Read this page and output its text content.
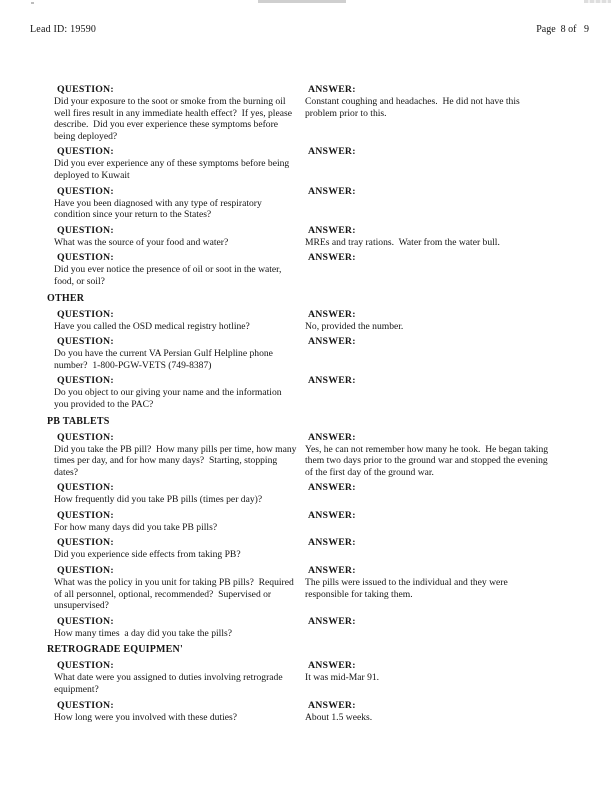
Lead ID: 19590	Page  8 of   9
QUESTION:
Did your exposure to the soot or smoke from the burning oil well fires result in any immediate health effect?  If yes, please describe.  Did you ever experience these symptoms before being deployed?
ANSWER:
Constant coughing and headaches.  He did not have this problem prior to this.
QUESTION:
Did you ever experience any of these symptoms before being deployed to Kuwait
ANSWER:
QUESTION:
Have you been diagnosed with any type of respiratory condition since your return to the States?
ANSWER:
QUESTION:
What was the source of your food and water?
ANSWER:
MREs and tray rations.  Water from the water bull.
QUESTION:
Did you ever notice the presence of oil or soot in the water, food, or soil?
ANSWER:
OTHER
QUESTION:
Have you called the OSD medical registry hotline?
ANSWER:
No, provided the number.
QUESTION:
Do you have the current VA Persian Gulf Helpline phone number?  1-800-PGW-VETS (749-8387)
ANSWER:
QUESTION:
Do you object to our giving your name and the information you provided to the PAC?
ANSWER:
PB TABLETS
QUESTION:
Did you take the PB pill?  How many pills per time, how many times per day, and for how many days?  Starting, stopping dates?
ANSWER:
Yes, he can not remember how many he took.  He began taking them two days prior to the ground war and stopped the evening of the first day of the ground war.
QUESTION:
How frequently did you take PB pills (times per day)?
ANSWER:
QUESTION:
For how many days did you take PB pills?
ANSWER:
QUESTION:
Did you experience side effects from taking PB?
ANSWER:
QUESTION:
What was the policy in you unit for taking PB pills?  Required of all personnel, optional, recommended?  Supervised or unsupervised?
ANSWER:
The pills were issued to the individual and they were responsible for taking them.
QUESTION:
How many times  a day did you take the pills?
ANSWER:
RETROGRADE EQUIPMEN'
QUESTION:
What date were you assigned to duties involving retrograde equipment?
ANSWER:
It was mid-Mar 91.
QUESTION:
How long were you involved with these duties?
ANSWER:
About 1.5 weeks.
